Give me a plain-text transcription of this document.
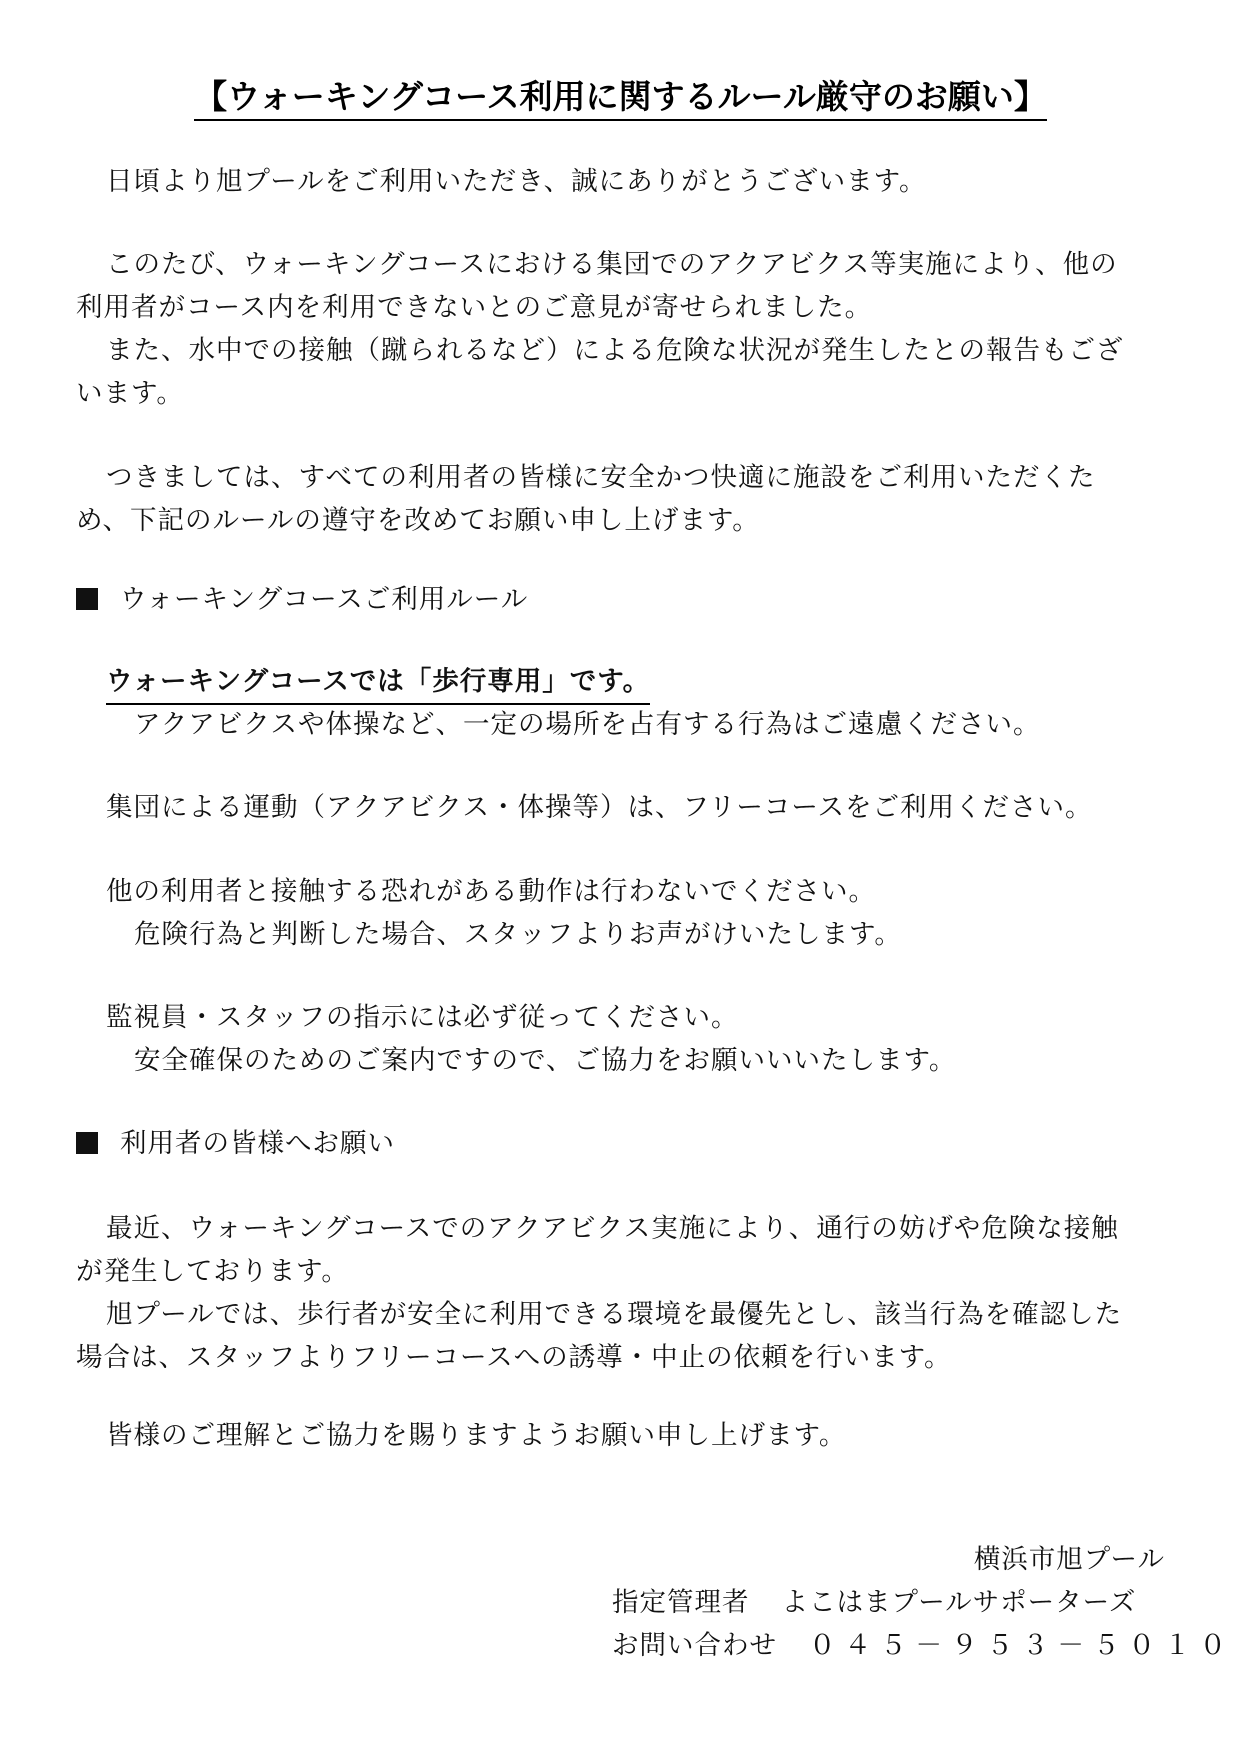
【ウォーキングコース利用に関するルール厳守のお願い】

日頃より旭プールをご利用いただき、誠にありがとうございます。

このたび、ウォーキングコースにおける集団でのアクアビクス等実施により、他の
利用者がコース内を利用できないとのご意見が寄せられました。
また、水中での接触（蹴られるなど）による危険な状況が発生したとの報告もござ
います。
つきましては、すべての利用者の皆様に安全かつ快適に施設をご利用いただくた
め、下記のルールの遵守を改めてお願い申し上げます。
ウォーキングコースご利用ルール
ウォーキングコースでは「歩行専用」です。
アクアビクスや体操など、一定の場所を占有する行為はご遠慮ください。
集団による運動（アクアビクス・体操等）は、フリーコースをご利用ください。
他の利用者と接触する恐れがある動作は行わないでください。
危険行為と判断した場合、スタッフよりお声がけいたします。
監視員・スタッフの指示には必ず従ってください。
安全確保のためのご案内ですので、ご協力をお願いいいたします。
利用者の皆様へお願い
最近、ウォーキングコースでのアクアビクス実施により、通行の妨げや危険な接触
が発生しております。
旭プールでは、歩行者が安全に利用できる環境を最優先とし、該当行為を確認した
場合は、スタッフよりフリーコースへの誘導・中止の依頼を行います。

皆様のご理解とご協力を賜りますようお願い申し上げます。

横浜市旭プール
指定管理者 よこはまプールサポーターズ
お問い合わせ ０４５－９５３－５０１０
